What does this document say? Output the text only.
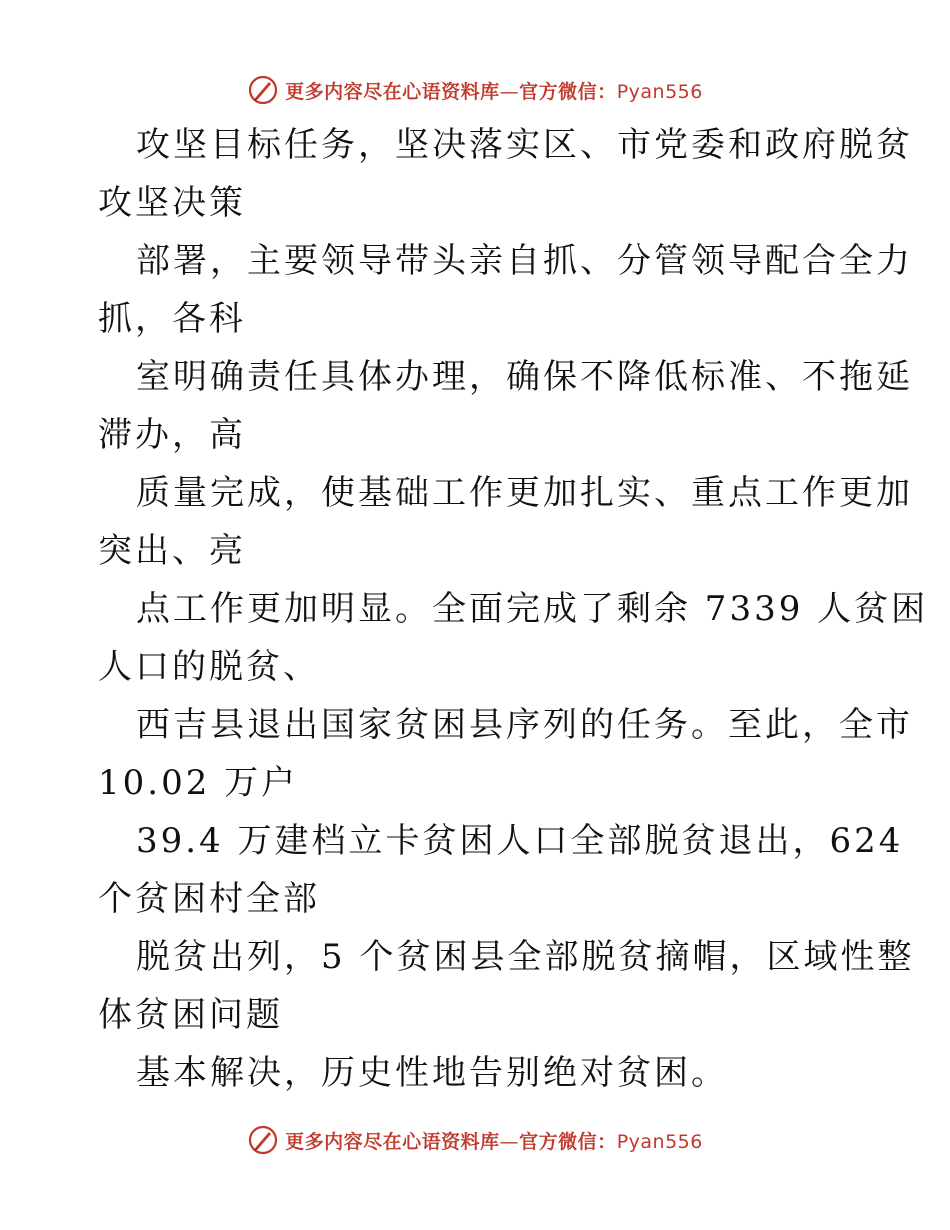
更多内容尽在心语资料库—官方微信：Pyan556
攻坚目标任务，坚决落实区、市党委和政府脱贫
攻坚决策
部署，主要领导带头亲自抓、分管领导配合全力
抓，各科
室明确责任具体办理，确保不降低标准、不拖延
滞办，高
质量完成，使基础工作更加扎实、重点工作更加
突出、亮
点工作更加明显。全面完成了剩余 7339 人贫困
人口的脱贫、
西吉县退出国家贫困县序列的任务。至此，全市
10.02 万户
39.4 万建档立卡贫困人口全部脱贫退出，624
个贫困村全部
脱贫出列，5 个贫困县全部脱贫摘帽，区域性整
体贫困问题
基本解决，历史性地告别绝对贫困。
更多内容尽在心语资料库—官方微信：Pyan556
